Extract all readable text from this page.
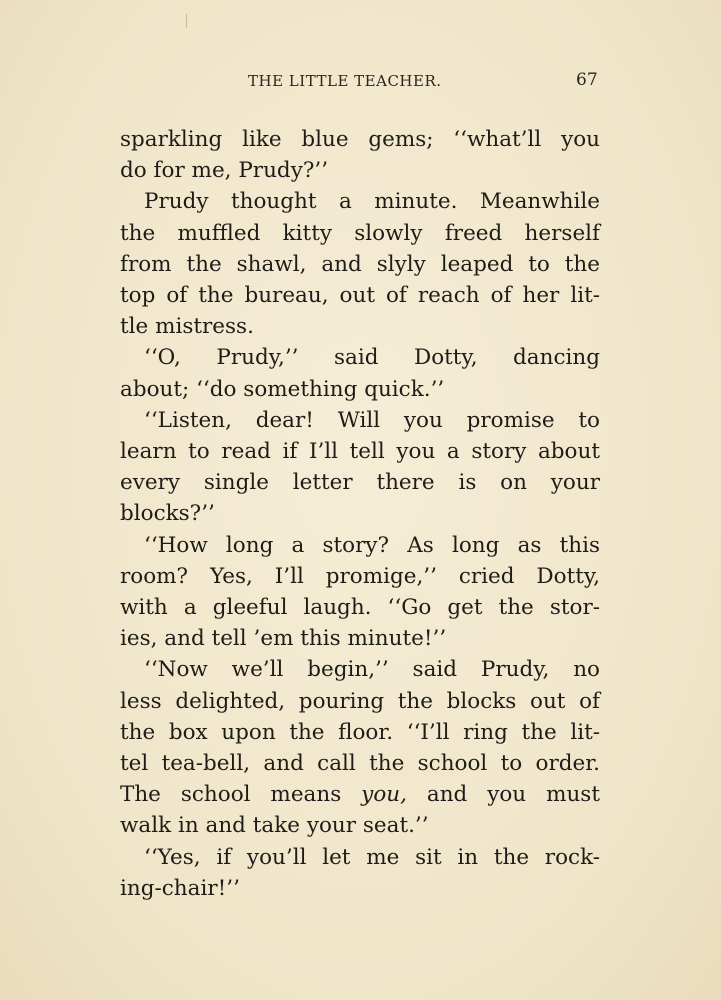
THE LITTLE TEACHER.	67
sparkling like blue gems; ‘‘what’ll you
do for me, Prudy?’’
Prudy thought a minute. Meanwhile
the muffled kitty slowly freed herself
from the shawl, and slyly leaped to the
top of the bureau, out of reach of her lit-
tle mistress.
‘‘O, Prudy,’’ said Dotty, dancing
about; ‘‘do something quick.’’
‘‘Listen, dear! Will you promise to
learn to read if I’ll tell you a story about
every single letter there is on your
blocks?’’
‘‘How long a story? As long as this
room? Yes, I’ll promige,’’ cried Dotty,
with a gleeful laugh. ‘‘Go get the stor-
ies, and tell ’em this minute!’’
‘‘Now we’ll begin,’’ said Prudy, no
less delighted, pouring the blocks out of
the box upon the floor. ‘‘I’ll ring the lit-
tel tea-bell, and call the school to order.
The school means you, and you must
walk in and take your seat.’’
‘‘Yes, if you’ll let me sit in the rock-
ing-chair!’’
